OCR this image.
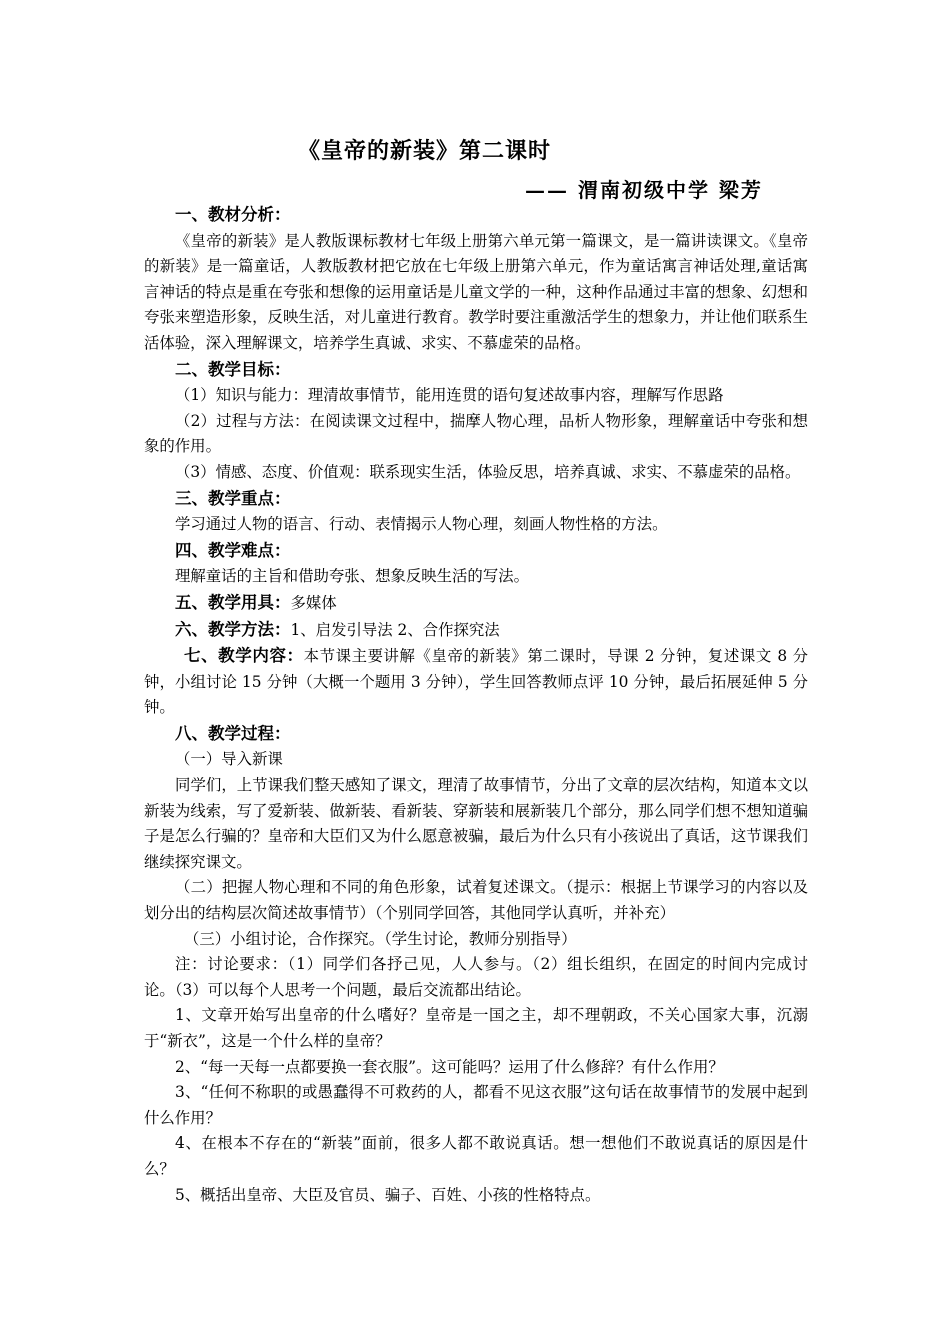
《皇帝的新装》第二课时
—— 渭南初级中学 梁芳

一、教材分析：

《皇帝的新装》是人教版课标教材七年级上册第六单元第一篇课文，是一篇讲读课文。《皇帝的新装》是一篇童话，人教版教材把它放在七年级上册第六单元，作为童话寓言神话处理,童话寓言神话的特点是重在夸张和想像的运用童话是儿童文学的一种，这种作品通过丰富的想象、幻想和夸张来塑造形象，反映生活，对儿童进行教育。教学时要注重激活学生的想象力，并让他们联系生活体验，深入理解课文，培养学生真诚、求实、不慕虚荣的品格。

二、教学目标：

（1）知识与能力：理清故事情节，能用连贯的语句复述故事内容，理解写作思路

（2）过程与方法：在阅读课文过程中，揣摩人物心理，品析人物形象，理解童话中夸张和想象的作用。

（3）情感、态度、价值观：联系现实生活，体验反思，培养真诚、求实、不慕虚荣的品格。

三、教学重点：

学习通过人物的语言、行动、表情揭示人物心理，刻画人物性格的方法。

四、教学难点：

理解童话的主旨和借助夸张、想象反映生活的写法。

五、教学用具：多媒体

六、教学方法：1、启发引导法 2、合作探究法

七、教学内容：本节课主要讲解《皇帝的新装》第二课时，导课 2 分钟，复述课文 8 分钟，小组讨论 15 分钟（大概一个题用 3 分钟），学生回答教师点评 10 分钟，最后拓展延伸 5 分钟。

八、教学过程：

（一）导入新课

同学们，上节课我们整天感知了课文，理清了故事情节，分出了文章的层次结构，知道本文以新装为线索，写了爱新装、做新装、看新装、穿新装和展新装几个部分，那么同学们想不想知道骗子是怎么行骗的？皇帝和大臣们又为什么愿意被骗，最后为什么只有小孩说出了真话，这节课我们继续探究课文。

（二）把握人物心理和不同的角色形象，试着复述课文。（提示：根据上节课学习的内容以及划分出的结构层次简述故事情节）（个别同学回答，其他同学认真听，并补充）

（三）小组讨论，合作探究。（学生讨论，教师分别指导）

注：讨论要求：（1）同学们各抒己见，人人参与。（2）组长组织，在固定的时间内完成讨论。（3）可以每个人思考一个问题，最后交流都出结论。

1、文章开始写出皇帝的什么嗜好？皇帝是一国之主，却不理朝政，不关心国家大事，沉溺于“新衣”，这是一个什么样的皇帝？

2、“每一天每一点都要换一套衣服”。这可能吗？运用了什么修辞？有什么作用？

3、“任何不称职的或愚蠢得不可救药的人，都看不见这衣服”这句话在故事情节的发展中起到什么作用？

4、在根本不存在的“新装”面前，很多人都不敢说真话。想一想他们不敢说真话的原因是什么？

5、概括出皇帝、大臣及官员、骗子、百姓、小孩的性格特点。
